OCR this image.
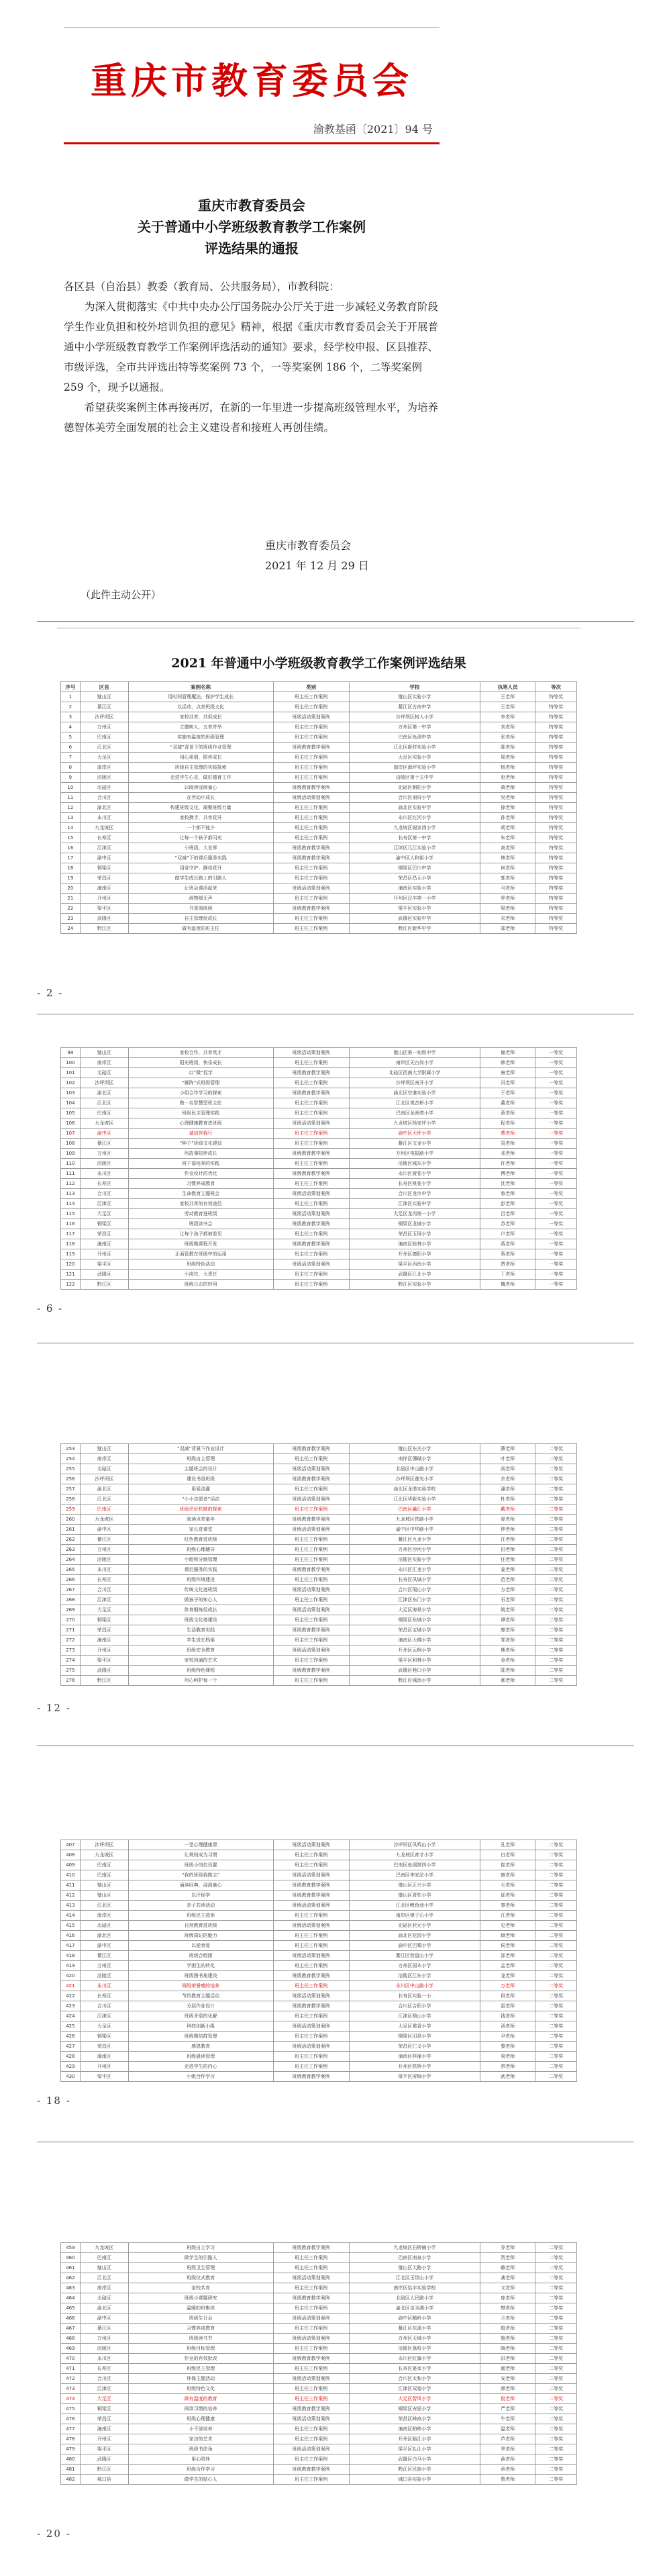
重庆市教育委员会
渝教基函〔2021〕94 号
重庆市教育委员会
关于普通中小学班级教育教学工作案例
评选结果的通报

各区县（自治县）教委（教育局、公共服务局），市教科院：

为深入贯彻落实《中共中央办公厅国务院办公厅关于进一步减轻义务教育阶段学生作业负担和校外培训负担的意见》精神，根据《重庆市教育委员会关于开展普通中小学班级教育教学工作案例评选活动的通知》要求，经学校申报、区县推荐、市级评选，全市共评选出特等奖案例 73 个，一等奖案例 186 个，二等奖案例 259 个，现予以通报。

希望获奖案例主体再接再厉，在新的一年里进一步提高班级管理水平，为培养德智体美劳全面发展的社会主义建设者和接班人再创佳绩。

重庆市教育委员会
2021 年 12 月 29 日
（此件主动公开）
2021 年普通中小学班级教育教学工作案例评选结果
序号	区县	案例名称	类别	学校	执笔人员	等次
1	璧山区	用时间管理魔法，保护学生成长	班主任工作案例	璧山区实验小学	王老师	特等奖
2	綦江区	以活动，点亮班级文化	班主任工作案例	綦江区古南中学	王老师	特等奖
3	沙坪坝区	家校共育，共促成长	班级活动策划案例	沙坪坝区树人小学	李老师	特等奖
4	万州区	立德树人，五育并举	班主任工作案例	万州区第一中学	刘老师	特等奖
5	巴南区	实施有温度的班级管理	班主任工作案例	巴南区鱼洞中学	张老师	特等奖
6	江北区	“双减”背景下的班级作业管理	班级教育教学案例	江北区新村实验小学	陈老师	特等奖
7	大足区	用心用情，陪伴成长	班主任工作案例	大足区实验小学	周老师	特等奖
8	南岸区	班级自主管理的实践探索	班主任工作案例	南岸区南坪实验小学	杨老师	特等奖
9	涪陵区	走进学生心灵，做好德育工作	班主任工作案例	涪陵区第十五中学	赵老师	特等奖
10	北碚区	以阅读浸润童心	班级教育教学案例	北碚区朝阳小学	黄老师	特等奖
11	合川区	在劳动中成长	班级活动策划案例	合川区南屏小学	吴老师	特等奖
12	渝北区	构建班级文化，凝聚班级力量	班主任工作案例	渝北区实验中学	徐老师	特等奖
13	永川区	家校携手，共育花开	班主任工作案例	永川区红河小学	孙老师	特等奖
14	九龙坡区	一个都不能少	班主任工作案例	九龙坡区谢家湾小学	胡老师	特等奖
15	长寿区	让每一个孩子都闪光	班主任工作案例	长寿区第一中学	朱老师	特等奖
16	江津区	小班级，大世界	班级教育教学案例	江津区几江实验小学	高老师	特等奖
17	渝中区	“双减”下的课后服务实践	班级教育教学案例	渝中区人和街小学	林老师	特等奖
18	铜梁区	用爱守护，静待花开	班主任工作案例	铜梁区巴川中学	何老师	特等奖
19	荣昌区	做学生成长路上的引路人	班主任工作案例	荣昌区昌元小学	郭老师	特等奖
20	潼南区	让班会课活起来	班级活动策划案例	潼南区实验小学	马老师	特等奖
21	开州区	润物细无声	班主任工作案例	开州区汉丰第一小学	罗老师	特等奖
22	梁平区	书香润班级	班级教育教学案例	梁平区实验小学	梁老师	特等奖
23	武隆区	自主管理促成长	班主任工作案例	武隆区实验中学	宋老师	特等奖
24	黔江区	做有温度的班主任	班主任工作案例	黔江区新华中学	郑老师	特等奖
- 2 -
99	璧山区	家校合作，共育英才	班级活动策划案例	璧山区第一初级中学	谢老师	一等奖
100	南岸区	阳光班级，快乐成长	班主任工作案例	南岸区天台岗小学	韩老师	一等奖
101	北碚区	以“微”促学	班级教育教学案例	北碚区西南大学附属小学	唐老师	一等奖
102	沙坪坝区	“雁阵”式班级管理	班主任工作案例	沙坪坝区南开小学	冯老师	一等奖
103	渝北区	小组合作学习的探索	班级教育教学案例	渝北区空港实验小学	于老师	一等奖
104	江北区	做一名智慧型班主任	班主任工作案例	江北区观音桥小学	董老师	一等奖
105	巴南区	班级民主管理实践	班主任工作案例	巴南区龙洲湾小学	萧老师	一等奖
106	九龙坡区	心理健康教育进班级	班级活动策划案例	九龙坡区杨家坪小学	程老师	一等奖
107	渝中区	诚信伴我行	班主任工作案例	渝中区大坪小学	曹老师	一等奖
108	綦江区	“种子”班级文化建设	班主任工作案例	綦江区文龙小学	袁老师	一等奖
109	万州区	用故事陪伴成长	班级教育教学案例	万州区电报路小学	邓老师	一等奖
110	涪陵区	班干部培养的实践	班主任工作案例	涪陵区城东小学	许老师	一等奖
111	永川区	作业设计的优化	班级教育教学案例	永川区萱花小学	傅老师	一等奖
112	长寿区	习惯养成教育	班主任工作案例	长寿区桃花小学	沈老师	一等奖
113	合川区	生命教育主题班会	班级活动策划案例	合川区龙市中学	曾老师	一等奖
114	江津区	家校共育的有效途径	班主任工作案例	江津区实验中学	彭老师	一等奖
115	大足区	劳动教育进班级	班级活动策划案例	大足区龙岗第一小学	吕老师	一等奖
116	铜梁区	班级读书会	班级教育教学案例	铜梁区龙城小学	苏老师	一等奖
117	荣昌区	让每个孩子都被看见	班主任工作案例	荣昌区玉屏小学	卢老师	一等奖
118	潼南区	班级微课程开发	班级教育教学案例	潼南区桂林小学	蒋老师	一等奖
119	开州区	正面管教在班级中的运用	班主任工作案例	开州区德阳小学	蔡老师	一等奖
120	梁平区	班级特色活动	班级活动策划案例	梁平区西南小学	贾老师	一等奖
121	武隆区	小岗位，大责任	班主任工作案例	武隆区江北小学	丁老师	一等奖
122	黔江区	班级日志的妙用	班主任工作案例	黔江区实验小学	魏老师	一等奖
- 6 -
253	璧山区	“双减”背景下作业设计	班级教育教学案例	璧山区东关小学	薛老师	二等奖
254	南岸区	班级自主管理	班主任工作案例	南岸区珊瑚小学	叶老师	二等奖
255	北碚区	主题班会的设计	班级活动策划案例	北碚区中山路小学	阎老师	二等奖
256	沙坪坝区	建设书香班级	班级教育教学案例	沙坪坝区莲光小学	余老师	二等奖
257	渝北区	用爱浇灌	班主任工作案例	渝北区龙塔实验学校	潘老师	二等奖
258	江北区	“小小志愿者”活动	班级活动策划案例	江北区华新实验小学	杜老师	二等奖
259	巴南区	班级评价机制的探索	班主任工作案例	巴南区融汇小学	戴老师	二等奖
260	九龙坡区	阅读点亮童年	班级教育教学案例	九龙坡区铁路小学	夏老师	二等奖
261	渝中区	家长进课堂	班级活动策划案例	渝中区中华路小学	钟老师	二等奖
262	綦江区	红色教育进班级	班主任工作案例	綦江区九龙小学	汪老师	二等奖
263	万州区	班级心理辅导	班主任工作案例	万州区沙河小学	田老师	二等奖
264	涪陵区	小组积分制管理	班主任工作案例	涪陵区实验小学	任老师	二等奖
265	永川区	课后服务的实践	班级教育教学案例	永川区汇龙小学	姜老师	二等奖
266	长寿区	班级环境建设	班主任工作案例	长寿区凤城小学	范老师	二等奖
267	合川区	传统文化进班级	班级活动策划案例	合川区瑞山小学	方老师	二等奖
268	江津区	做孩子的知心人	班主任工作案例	江津区东门小学	石老师	二等奖
269	大足区	体育锻炼促成长	班级活动策划案例	大足区海棠小学	姚老师	二等奖
270	铜梁区	班级文化墙建设	班主任工作案例	铜梁区东城小学	谭老师	二等奖
271	荣昌区	生活教育实践	班级教育教学案例	荣昌区宝城小学	廖老师	二等奖
272	潼南区	学生成长档案	班主任工作案例	潼南区大佛小学	邹老师	二等奖
273	开州区	班级安全教育	班级活动策划案例	开州区云枫小学	熊老师	二等奖
274	梁平区	家校沟通的艺术	班主任工作案例	梁平区和林小学	金老师	二等奖
275	武隆区	班级特色课程	班级教育教学案例	武隆区巷口小学	陆老师	二等奖
276	黔江区	用心呵护每一个	班主任工作案例	黔江区城南小学	郝老师	二等奖
- 12 -
407	沙坪坝区	一堂心理健康课	班级活动策划案例	沙坪坝区凤鸣山小学	孔老师	二等奖
408	九龙坡区	让规则成为习惯	班主任工作案例	九龙坡区育才小学	白老师	二等奖
409	巴南区	班级小岗位设置	班主任工作案例	巴南区鱼洞第四小学	崔老师	二等奖
410	巴南区	“我的班级我做主”	班级活动策划案例	巴南区李家沱小学	康老师	二等奖
411	璧山区	诵读经典，浸润童心	班级教育教学案例	璧山区正兴小学	毛老师	二等奖
412	璧山区	以评促学	班级教育教学案例	璧山区青杠小学	邱老师	二等奖
413	江北区	亲子共读活动	班级活动策划案例	江北区鲤鱼池小学	秦老师	二等奖
414	南岸区	班级民主选举	班主任工作案例	南岸区弹子石小学	江老师	二等奖
415	北碚区	自然教育进班级	班级活动策划案例	北碚区状元小学	史老师	二等奖
416	渝北区	班级周记的魅力	班主任工作案例	渝北区花园小学	顾老师	二等奖
417	渝中区	以爱育爱	班主任工作案例	渝中区巴蜀小学	侯老师	二等奖
418	綦江区	班级合唱团	班级活动策划案例	綦江区营盘山小学	邵老师	二等奖
419	万州区	学困生的转化	班主任工作案例	万州区国本小学	孟老师	二等奖
420	涪陵区	班级图书角建设	班级教育教学案例	涪陵区江东小学	龙老师	二等奖
421	永川区	班级荣誉感的培养	班主任工作案例	永川区中山路小学	万老师	二等奖
422	长寿区	节约教育主题活动	班级活动策划案例	长寿区实验一小	段老师	二等奖
423	合川区	分层作业设计	班级教育教学案例	合川区合阳小学	雷老师	二等奖
424	江津区	班级矛盾的化解	班主任工作案例	江津区鼎山小学	钱老师	二等奖
425	大足区	科技创新小组	班级活动策划案例	大足区棠香小学	汤老师	二等奖
426	铜梁区	班级微信群管理	班主任工作案例	铜梁区旧县小学	尹老师	二等奖
427	荣昌区	感恩教育	班级活动策划案例	荣昌区仁义小学	黎老师	二等奖
428	潼南区	班级晨读管理	班主任工作案例	潼南区梓潼小学	易老师	二等奖
429	开州区	走进学生的内心	班主任工作案例	开州区铁桥小学	常老师	二等奖
430	梁平区	小组合作学习	班级教育教学案例	梁平区屏锦小学	武老师	二等奖
- 18 -
459	九龙坡区	班级自主学习	班级教育教学案例	九龙坡区石桥铺小学	乔老师	二等奖
460	巴南区	做学生的引路人	班主任工作案例	巴南区南泉小学	贺老师	二等奖
461	璧山区	班级卫生管理	班主任工作案例	璧山区大路小学	赖老师	二等奖
462	江北区	班级仪式教育	班级活动策划案例	江北区玉带山小学	龚老师	二等奖
463	南岸区	家校共育	班主任工作案例	南岸区怡丰实验学校	文老师	二等奖
464	北碚区	班级小课题研究	班级教育教学案例	北碚区人民路小学	庞老师	二等奖
465	渝北区	温暖的班集体	班主任工作案例	渝北区宝圣湖小学	樊老师	二等奖
466	渝中区	班级生日会	班级活动策划案例	渝中区鹅岭小学	兰老师	二等奖
467	綦江区	习惯养成教育	班主任工作案例	綦江区东溪小学	殷老师	二等奖
468	万州区	班级读书节	班级活动策划案例	万州区天城小学	施老师	二等奖
469	涪陵区	班级目标管理	班主任工作案例	涪陵区荔枝小学	陶老师	二等奖
470	永川区	作业的有效批改	班级教育教学案例	永川区红旗小学	洪老师	二等奖
471	长寿区	班级民主管理	班主任工作案例	长寿区晏家小学	翟老师	二等奖
472	合川区	环保主题活动	班级活动策划案例	合川区太和小学	安老师	二等奖
473	江津区	班级特色文化	班主任工作案例	江津区双福小学	颜老师	二等奖
474	大足区	做有温度的教育	班主任工作案例	大足区智凤小学	倪老师	二等奖
475	铜梁区	阅读习惯的培养	班级教育教学案例	铜梁区安居小学	严老师	二等奖
476	荣昌区	班级心理健康	班级活动策划案例	荣昌区峰高小学	牛老师	二等奖
477	潼南区	小干部培养	班主任工作案例	潼南区柏梓小学	温老师	二等奖
478	开州区	家访的艺术	班主任工作案例	开州区临江小学	芦老师	二等奖
479	梁平区	班级书法角	班级活动策划案例	梁平区礼让小学	季老师	二等奖
480	武隆区	用心陪伴	班主任工作案例	武隆区白马小学	俞老师	二等奖
481	黔江区	班级合作学习	班级教育教学案例	黔江区民族小学	章老师	二等奖
482	城口县	做学生的贴心人	班主任工作案例	城口县实验小学	鲁老师	二等奖
- 20 -
